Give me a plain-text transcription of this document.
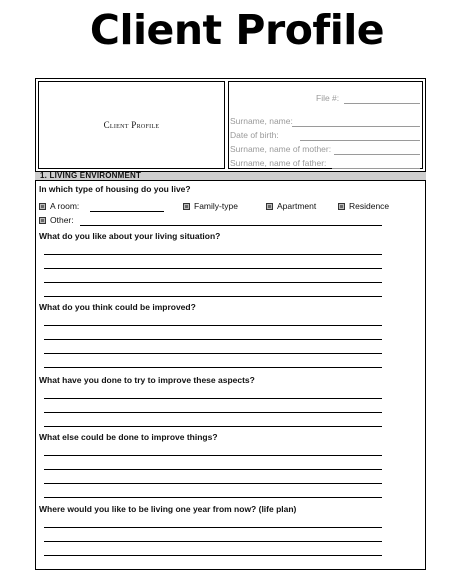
Client Profile
Client Profile
File #:
Surname, name:
Date of birth:
Surname, name of mother:
Surname, name of father:
1. LIVING ENVIRONMENT
In which type of housing do you live?
A room:	Family-type	Apartment	Residence
Other:
What do you like about your living situation?
What do you think could be improved?
What have you done to try to improve these aspects?
What else could be done to improve things?
Where would you like to be living one year from now? (life plan)
